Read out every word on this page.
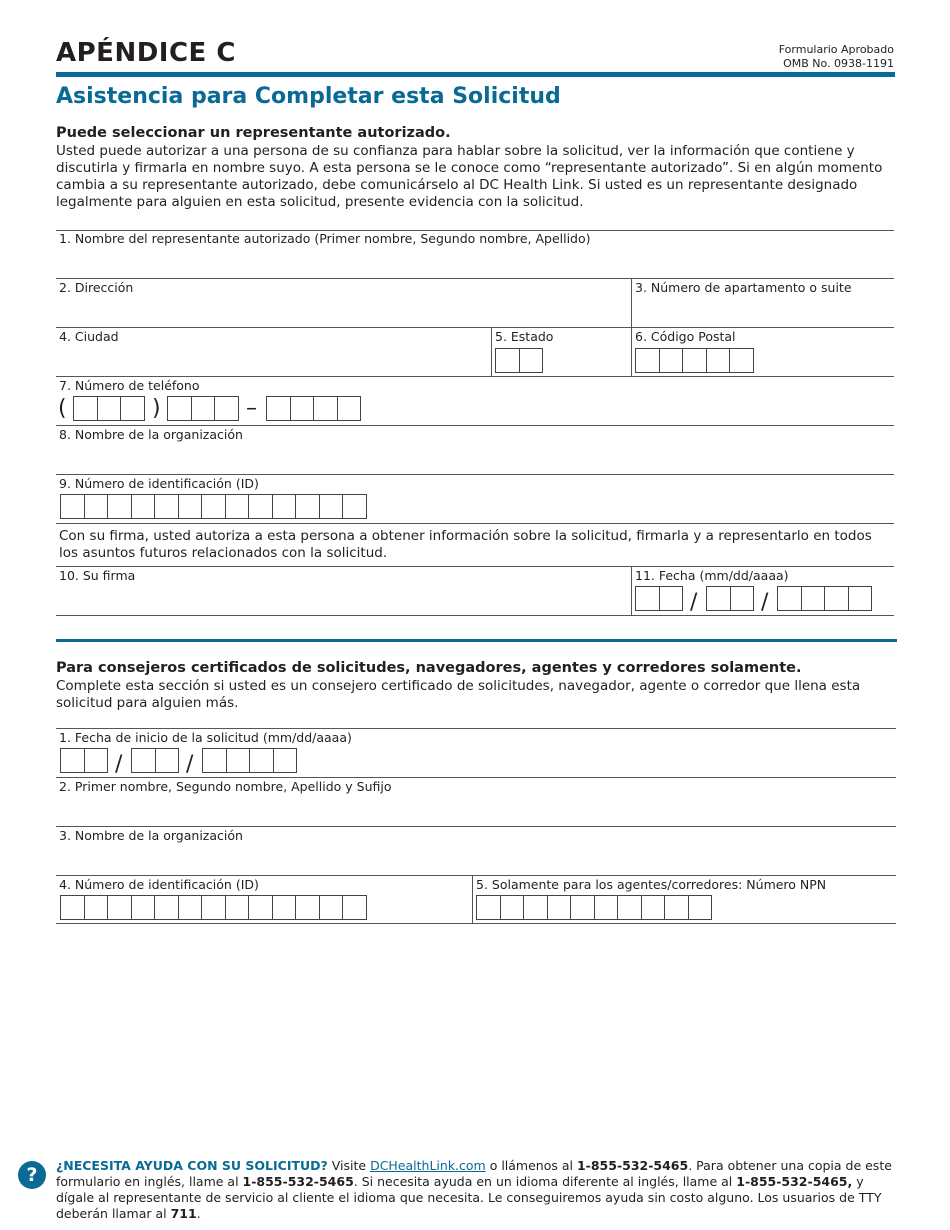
APÉNDICE C	Formulario Aprobado
OMB No. 0938-1191
Asistencia para Completar esta Solicitud
Puede seleccionar un representante autorizado.
Usted puede autorizar a una persona de su confianza para hablar sobre la solicitud, ver la información que contiene y discutirla y firmarla en nombre suyo. A esta persona se le conoce como “representante autorizado”. Si en algún momento cambia a su representante autorizado, debe comunicárselo al DC Health Link. Si usted es un representante designado legalmente para alguien en esta solicitud, presente evidencia con la solicitud.
1. Nombre del representante autorizado (Primer nombre, Segundo nombre, Apellido)
2. Dirección	3. Número de apartamento o suite
4. Ciudad	5. Estado	6. Código Postal
7. Número de teléfono
(	)	–
8. Nombre de la organización
9. Número de identificación (ID)
Con su firma, usted autoriza a esta persona a obtener información sobre la solicitud, firmarla y a representarlo en todos los asuntos futuros relacionados con la solicitud.
10. Su firma	11. Fecha (mm/dd/aaaa)
/	/
Para consejeros certificados de solicitudes, navegadores, agentes y corredores solamente.
Complete esta sección si usted es un consejero certificado de solicitudes, navegador, agente o corredor que llena esta solicitud para alguien más.
1. Fecha de inicio de la solicitud (mm/dd/aaaa)
/	/
2. Primer nombre, Segundo nombre, Apellido y Sufijo
3. Nombre de la organización
4. Número de identificación (ID)	5. Solamente para los agentes/corredores: Número NPN
?	¿NECESITA AYUDA CON SU SOLICITUD? Visite DCHealthLink.com o llámenos al 1-855-532-5465. Para obtener una copia de este formulario en inglés, llame al 1-855-532-5465. Si necesita ayuda en un idioma diferente al inglés, llame al 1-855-532-5465, y dígale al representante de servicio al cliente el idioma que necesita. Le conseguiremos ayuda sin costo alguno. Los usuarios de TTY deberán llamar al 711.
